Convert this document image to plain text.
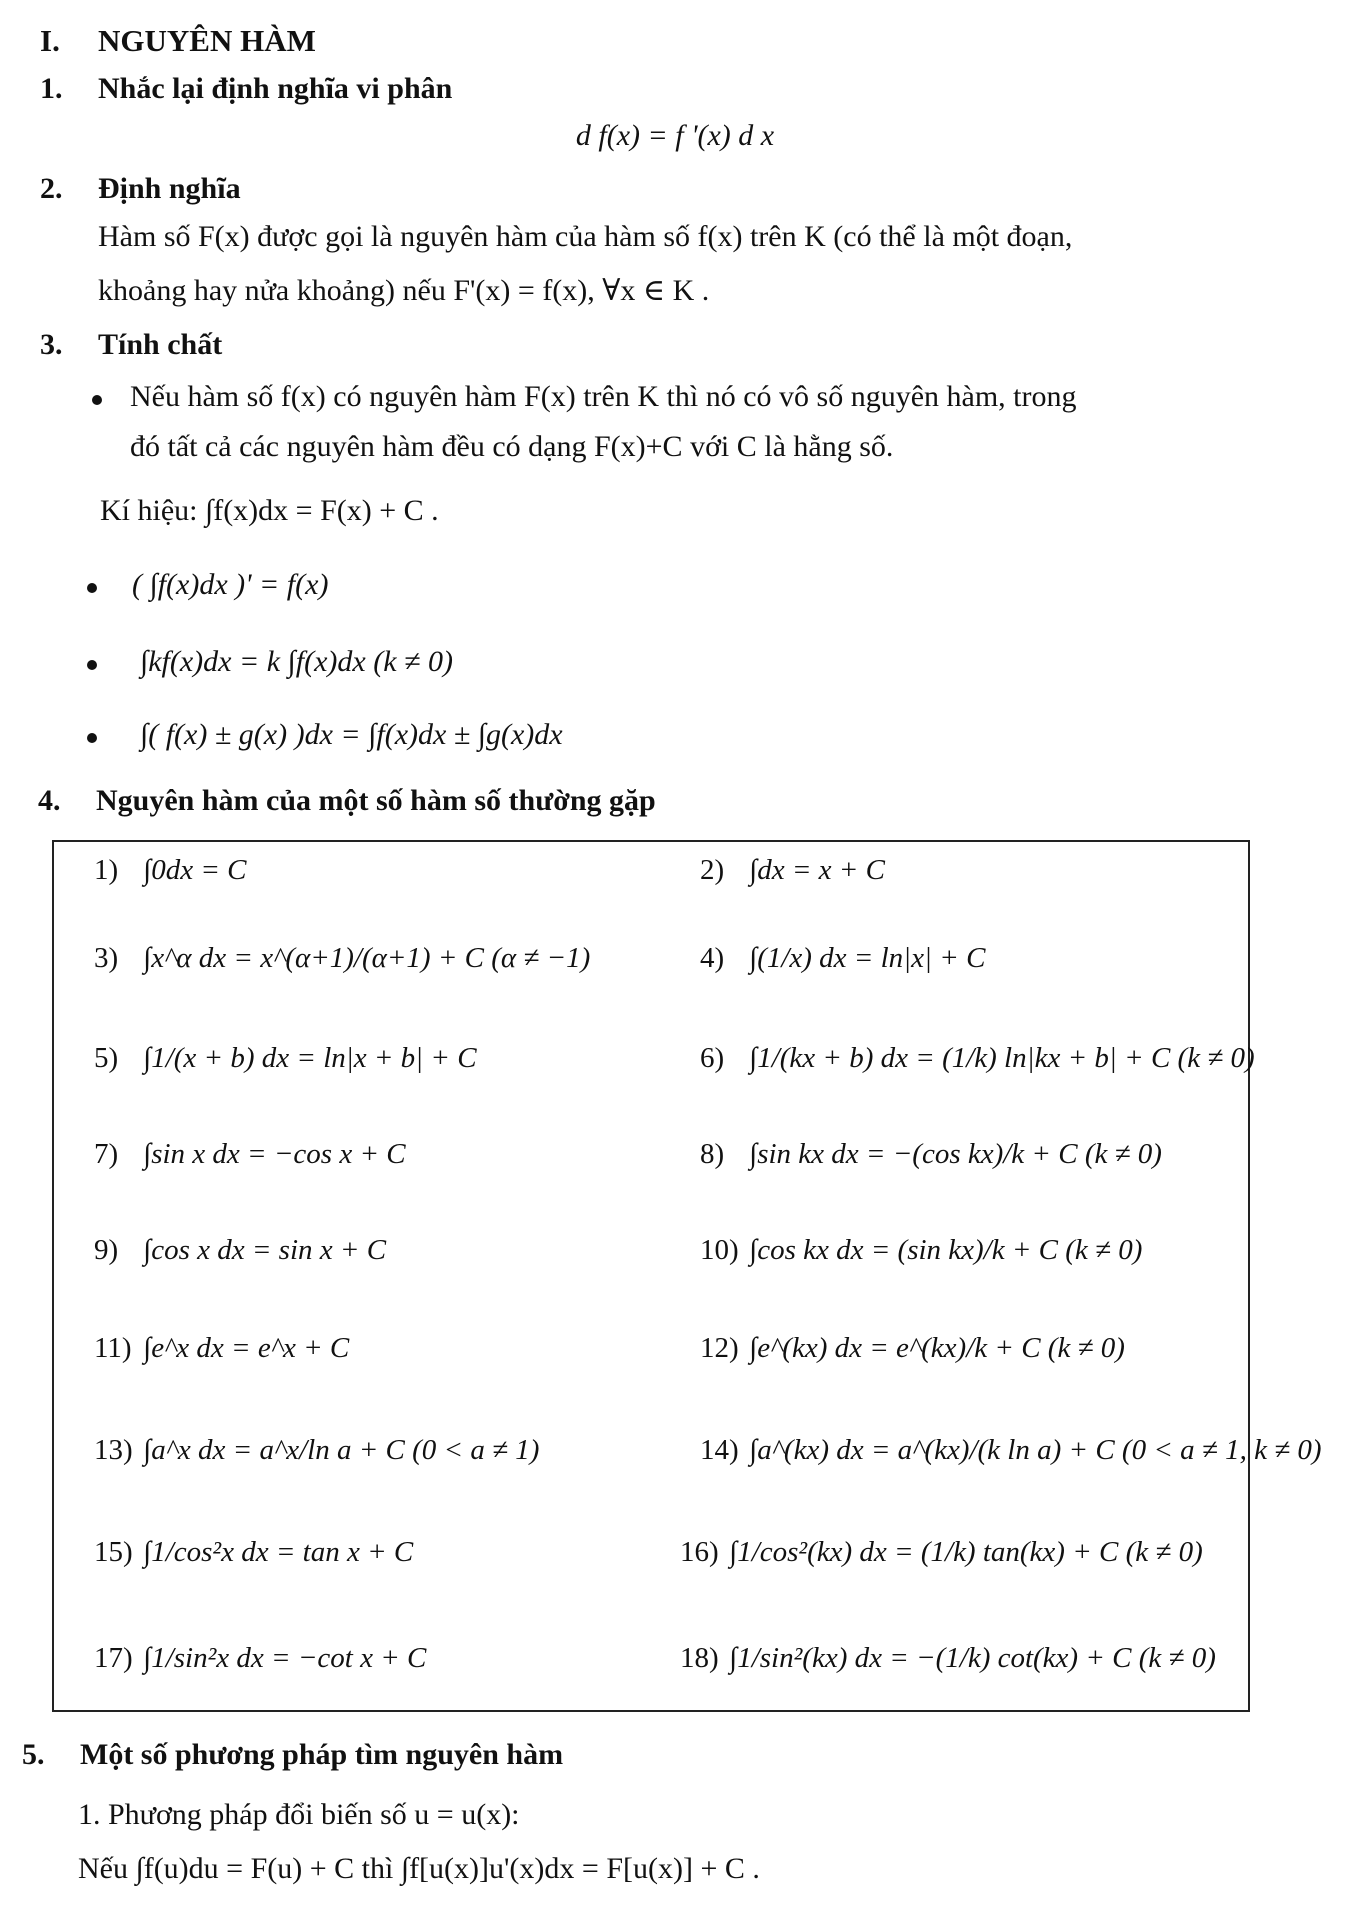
I. NGUYÊN HÀM
1. Nhắc lại định nghĩa vi phân
d f(x) = f '(x) d x
2. Định nghĩa
Hàm số F(x) được gọi là nguyên hàm của hàm số f(x) trên K (có thể là một đoạn,
khoảng hay nửa khoảng) nếu F'(x) = f(x), ∀x ∈ K .
3. Tính chất
Nếu hàm số f(x) có nguyên hàm F(x) trên K thì nó có vô số nguyên hàm, trong
đó tất cả các nguyên hàm đều có dạng F(x)+C với C là hằng số.
Kí hiệu: ∫f(x)dx = F(x) + C .
( ∫f(x)dx )' = f(x)
∫kf(x)dx = k ∫f(x)dx (k ≠ 0)
∫( f(x) ± g(x) )dx = ∫f(x)dx ± ∫g(x)dx
4. Nguyên hàm của một số hàm số thường gặp
1) ∫0dx = C	2) ∫dx = x + C
3) ∫x^α dx = x^(α+1)/(α+1) + C (α ≠ −1)	4) ∫(1/x) dx = ln|x| + C
5) ∫1/(x + b) dx = ln|x + b| + C	6) ∫1/(kx + b) dx = (1/k) ln|kx + b| + C (k ≠ 0)
7) ∫sin x dx = −cos x + C	8) ∫sin kx dx = −(cos kx)/k + C (k ≠ 0)
9) ∫cos x dx = sin x + C	10) ∫cos kx dx = (sin kx)/k + C (k ≠ 0)
11) ∫e^x dx = e^x + C	12) ∫e^(kx) dx = e^(kx)/k + C (k ≠ 0)
13) ∫a^x dx = a^x/ln a + C (0 < a ≠ 1)	14) ∫a^(kx) dx = a^(kx)/(k ln a) + C (0 < a ≠ 1, k ≠ 0)
15) ∫1/cos²x dx = tan x + C	16) ∫1/cos²(kx) dx = (1/k) tan(kx) + C (k ≠ 0)
17) ∫1/sin²x dx = −cot x + C	18) ∫1/sin²(kx) dx = −(1/k) cot(kx) + C (k ≠ 0)
5. Một số phương pháp tìm nguyên hàm
1. Phương pháp đổi biến số u = u(x):
Nếu ∫f(u)du = F(u) + C thì ∫f[u(x)]u'(x)dx = F[u(x)] + C .
